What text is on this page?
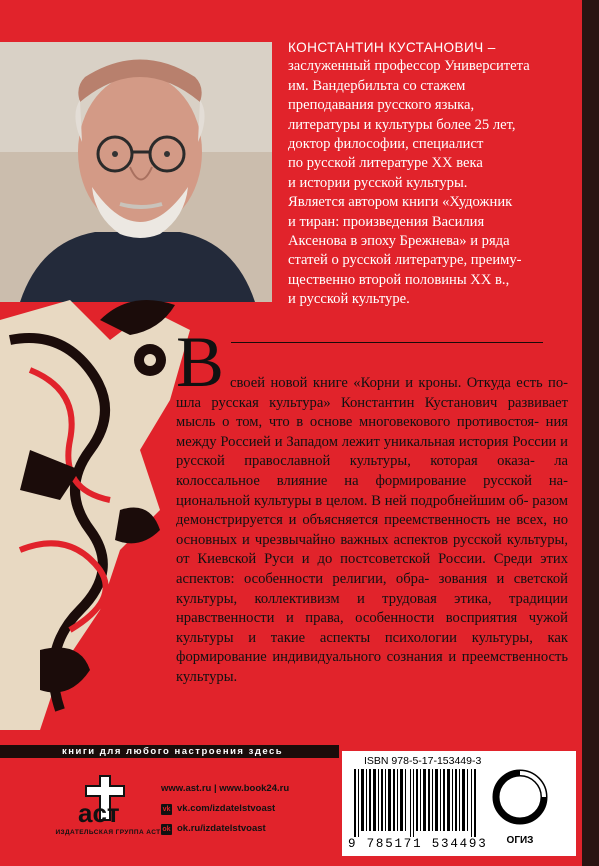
КОНСТАНТИН КУСТАНОВИЧ –
заслуженный профессор Университета
им. Вандербильта со стажем
преподавания русского языка,
литературы и культуры более 25 лет,
доктор философии, специалист
по русской литературе XX века
и истории русской культуры.
Является автором книги «Художник
и тиран: произведения Василия
Аксенова в эпоху Брежнева» и ряда
статей о русской литературе, преиму-
щественно второй половины XX в.,
и русской культуре.
В своей новой книге «Корни и кроны. Откуда есть по- шла русская культура» Константин Кустанович развивает мысль о том, что в основе многовекового противостоя- ния между Россией и Западом лежит уникальная история России и русской православной культуры, которая оказа- ла колоссальное влияние на формирование русской на- циональной культуры в целом. В ней подробнейшим об- разом демонстрируется и объясняется преемственность не всех, но основных и чрезвычайно важных аспектов русской культуры, от Киевской Руси и до постсоветской России. Среди этих аспектов: особенности религии, обра- зования и светской культуры, коллективизм и трудовая этика, традиции нравственности и права, особенности восприятия чужой культуры и такие аспекты психологии культуры, как формирование индивидуального сознания и преемственность культуры.

книги для любого настроения здесь
аст
ИЗДАТЕЛЬСКАЯ ГРУППА АСТ
www.ast.ru | www.book24.ru
vk vk.com/izdatelstvoast
ok ok.ru/izdatelstvoast
ISBN 978-5-17-153449-3
9 785171 534493	ОГИЗ
